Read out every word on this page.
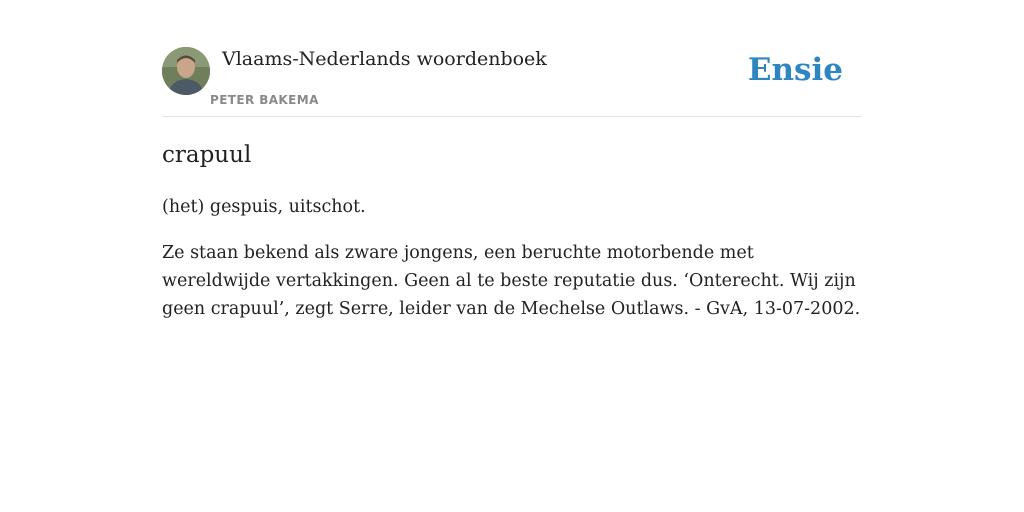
Vlaams-Nederlands woordenboek
PETER BAKEMA
Ensie
crapuul

(het) gespuis, uitschot.

Ze staan bekend als zware jongens, een beruchte motorbende met wereldwijde vertakkingen. Geen al te beste reputatie dus. ‘Onterecht. Wij zijn geen crapuul’, zegt Serre, leider van de Mechelse Outlaws. - GvA, 13-07-2002.
